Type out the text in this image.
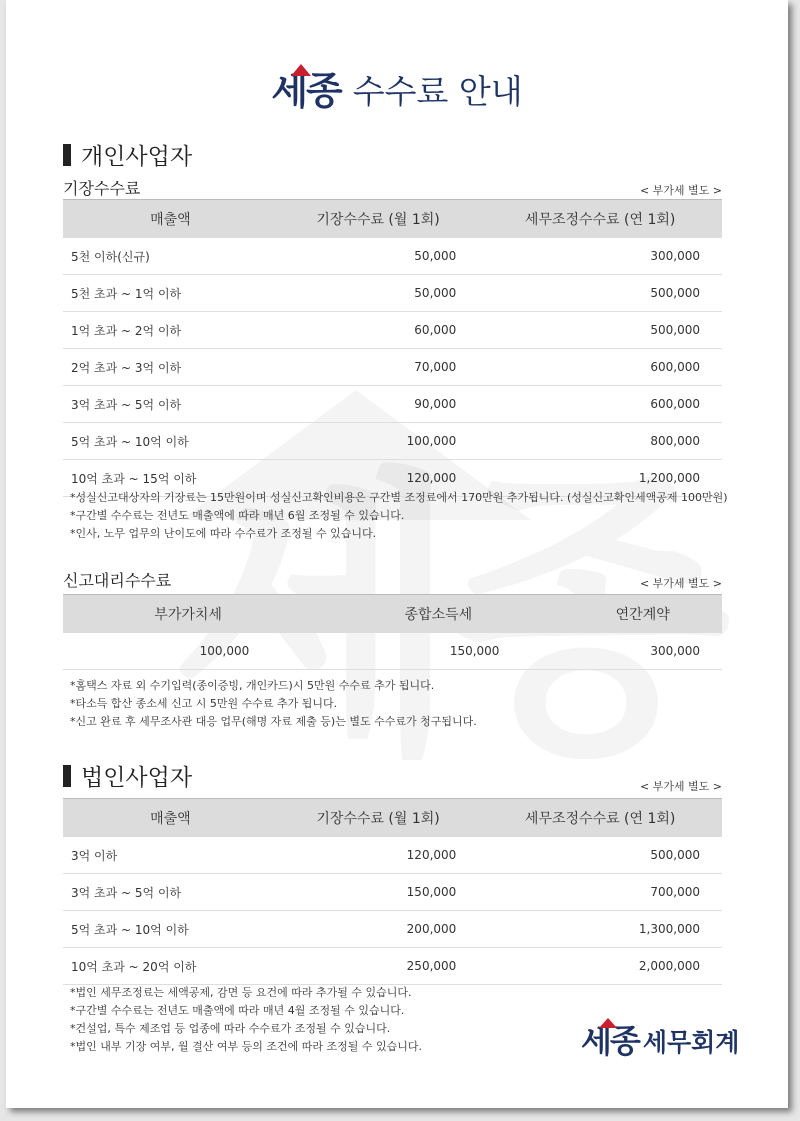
세종 수수료 안내
개인사업자
기장수수료	< 부가세 별도 >
매출액	기장수수료 (월 1회)	세무조정수수료 (연 1회)
5천 이하(신규)	50,000	300,000
5천 초과 ~ 1억 이하	50,000	500,000
1억 초과 ~ 2억 이하	60,000	500,000
2억 초과 ~ 3억 이하	70,000	600,000
3억 초과 ~ 5억 이하	90,000	600,000
5억 초과 ~ 10억 이하	100,000	800,000
10억 초과 ~ 15억 이하	120,000	1,200,000
*성실신고대상자의 기장료는 15만원이며 성실신고확인비용은 구간별 조정료에서 170만원 추가됩니다. (성실신고확인세액공제 100만원)
*구간별 수수료는 전년도 매출액에 따라 매년 6월 조정될 수 있습니다.
*인사, 노무 업무의 난이도에 따라 수수료가 조정될 수 있습니다.
신고대리수수료	< 부가세 별도 >
부가가치세	종합소득세	연간계약
100,000	150,000	300,000
*홈택스 자료 외 수기입력(종이증빙, 개인카드)시 5만원 수수료 추가 됩니다.
*타소득 합산 종소세 신고 시 5만원 수수료 추가 됩니다.
*신고 완료 후 세무조사관 대응 업무(해명 자료 제출 등)는 별도 수수료가 청구됩니다.
법인사업자	< 부가세 별도 >
매출액	기장수수료 (월 1회)	세무조정수수료 (연 1회)
3억 이하	120,000	500,000
3억 초과 ~ 5억 이하	150,000	700,000
5억 초과 ~ 10억 이하	200,000	1,300,000
10억 초과 ~ 20억 이하	250,000	2,000,000
*법인 세무조정료는 세액공제, 감면 등 요건에 따라 추가될 수 있습니다.
*구간별 수수료는 전년도 매출액에 따라 매년 4월 조정될 수 있습니다.
*건설업, 특수 제조업 등 업종에 따라 수수료가 조정될 수 있습니다.
*법인 내부 기장 여부, 월 결산 여부 등의 조건에 따라 조정될 수 있습니다.	세종 세무회계
